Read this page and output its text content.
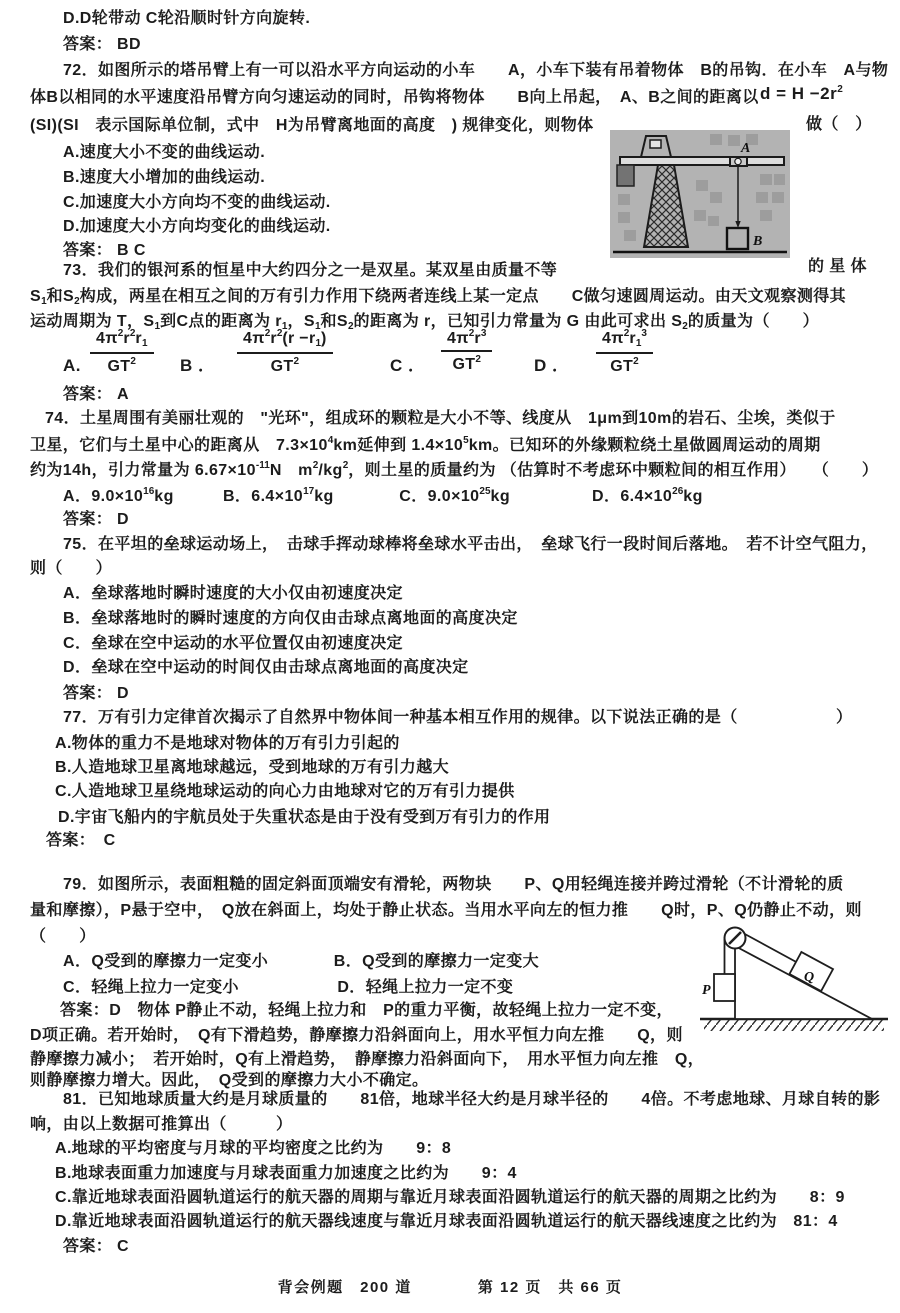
D.D轮带动 C轮沿顺时针方向旋转.
答案： BD
72．如图所示的塔吊臂上有一可以沿水平方向运动的小车　　A，小车下装有吊着物体　B的吊钩．在小车　A与物
体B以相同的水平速度沿吊臂方向匀速运动的同时，吊钩将物体　　B向上吊起，　A、B之间的距离以 $d = H -2r^2$
(SI)(SI　表示国际单位制，式中　H为吊臂离地面的高度　) 规律变化，则物体	做（　）
A.速度大小不变的曲线运动.
B.速度大小增加的曲线运动.
C.加速度大小方向均不变的曲线运动.
D.加速度大小方向均变化的曲线运动.
答案： B C
73．我们的银河系的恒星中大约四分之一是双星。某双星由质量不等	的 星 体
$S_1$和$S_2$构成，两星在相互之间的万有引力作用下绕两者连线上某一定点　　C做匀速圆周运动。由天文观察测得其
运动周期为 T，$S_1$到C点的距离为 $r_1$，$S_1$和$S_2$的距离为 r，已知引力常量为 G 由此可求出 $S_2$的质量为（　　）
A. $\frac{4\pi^2r^2r_1}{GT^2}$ B ． $\frac{4\pi^2r^2(r -r_1)}{GT^2}$	C ． $\frac{4\pi^2r^3}{GT^2}$ D ． $\frac{4\pi^2r_1^3}{GT^2}$
答案： A
74．土星周围有美丽壮观的　"光环"，组成环的颗粒是大小不等、线度从　1μm到10m的岩石、尘埃，类似于
卫星，它们与土星中心的距离从　$7.3\times 10^4km$延伸到 $1.4\times 10^5km$。已知环的外缘颗粒绕土星做圆周运动的周期
约为14h，引力常量为 $6.67\times 10^{-11}N$　$m^2/kg^2$，则土星的质量约为 （估算时不考虑环中颗粒间的相互作用）　　（　　）
A．$9.0\times 10^{16}kg$　　　B．$6.4\times 10^{17}kg$　　　　C．$9.0\times 10^{25}kg$　　　　　D．$6.4\times 10^{26}kg$
答案： D
75．在平坦的垒球运动场上，　击球手挥动球棒将垒球水平击出，　垒球飞行一段时间后落地。　若不计空气阻力，
则（　　）
A．垒球落地时瞬时速度的大小仅由初速度决定
B．垒球落地时的瞬时速度的方向仅由击球点离地面的高度决定
C．垒球在空中运动的水平位置仅由初速度决定
D．垒球在空中运动的时间仅由击球点离地面的高度决定
答案： D
77．万有引力定律首次揭示了自然界中物体间一种基本相互作用的规律。以下说法正确的是（　　　　　　）
A.物体的重力不是地球对物体的万有引力引起的
B.人造地球卫星离地球越远，受到地球的万有引力越大
C.人造地球卫星绕地球运动的向心力由地球对它的万有引力提供
D.宇宙飞船内的宇航员处于失重状态是由于没有受到万有引力的作用
答案：　C
79．如图所示，表面粗糙的固定斜面顶端安有滑轮，两物块　　P、Q用轻绳连接并跨过滑轮（不计滑轮的质
量和摩擦），P悬于空中，　Q放在斜面上，均处于静止状态。当用水平向左的恒力推　　Q时，P、Q仍静止不动，则
（　　）
A．Q受到的摩擦力一定变小　　　　B．Q受到的摩擦力一定变大
C．轻绳上拉力一定变小　　　　　　D．轻绳上拉力一定不变
答案：D　物体 P静止不动，轻绳上拉力和　P的重力平衡，故轻绳上拉力一定不变，
D项正确。若开始时，　Q有下滑趋势，静摩擦力沿斜面向上，用水平恒力向左推　　Q，则
静摩擦力减小；　若开始时，Q有上滑趋势，　静摩擦力沿斜面向下，　用水平恒力向左推　Q，
则静摩擦力增大。因此，　Q受到的摩擦力大小不确定。
81．已知地球质量大约是月球质量的　　81倍，地球半径大约是月球半径的　　4倍。不考虑地球、月球自转的影
响，由以上数据可推算出（　　　）
A.地球的平均密度与月球的平均密度之比约为　　9：8
B.地球表面重力加速度与月球表面重力加速度之比约为　　9：4
C.靠近地球表面沿圆轨道运行的航天器的周期与靠近月球表面沿圆轨道运行的航天器的周期之比约为　　8：9
D.靠近地球表面沿圆轨道运行的航天器线速度与靠近月球表面沿圆轨道运行的航天器线速度之比约为　81：4
答案： C
A
B
Q
P
背会例题　200 道　　　　第 12 页　共 66 页
